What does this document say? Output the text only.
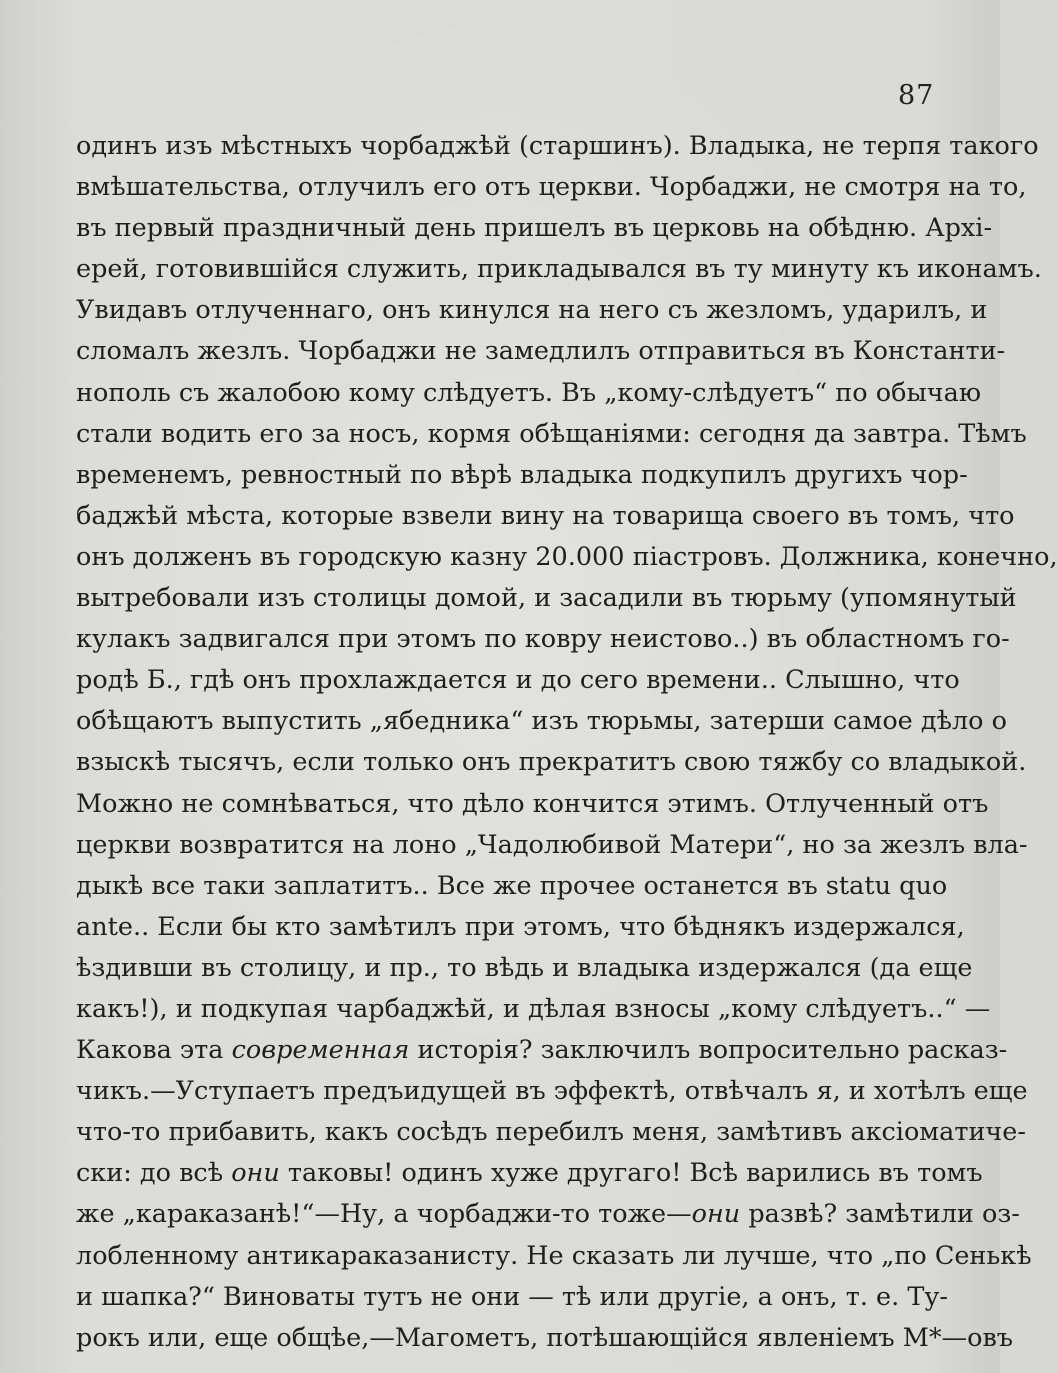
87
одинъ изъ мѣстныхъ чорбаджѣй (старшинъ). Владыка, не терпя такого
вмѣшательства, отлучилъ его отъ церкви. Чорбаджи, не смотря на то,
въ первый праздничный день пришелъ въ церковь на обѣдню. Архі-
ерей, готовившійся служить, прикладывался въ ту минуту къ иконамъ.
Увидавъ отлученнаго, онъ кинулся на него съ жезломъ, ударилъ, и
сломалъ жезлъ. Чорбаджи не замедлилъ отправиться въ Константи-
нополь съ жалобою кому слѣдуетъ. Въ „кому-слѣдуетъ“ по обычаю
стали водить его за носъ, кормя обѣщаніями: сегодня да завтра. Тѣмъ
временемъ, ревностный по вѣрѣ владыка подкупилъ другихъ чор-
баджѣй мѣста, которые взвели вину на товарища своего въ томъ, что
онъ долженъ въ городскую казну 20.000 піастровъ. Должника, конечно,
вытребовали изъ столицы домой, и засадили въ тюрьму (упомянутый
кулакъ задвигался при этомъ по ковру неистово..) въ областномъ го-
родѣ Б., гдѣ онъ прохлаждается и до сего времени.. Слышно, что
обѣщаютъ выпустить „ябедника“ изъ тюрьмы, затерши самое дѣло о
взыскѣ тысячъ, если только онъ прекратитъ свою тяжбу со владыкой.
Можно не сомнѣваться, что дѣло кончится этимъ. Отлученный отъ
церкви возвратится на лоно „Чадолюбивой Матери“, но за жезлъ вла-
дыкѣ все таки заплатитъ.. Все же прочее останется въ statu quo
ante.. Если бы кто замѣтилъ при этомъ, что бѣднякъ издержался,
ѣздивши въ столицу, и пр., то вѣдь и владыка издержался (да еще
какъ!), и подкупая чарбаджѣй, и дѣлая взносы „кому слѣдуетъ..“ —
Какова эта современная исторія? заключилъ вопросительно расказ-
чикъ.—Уступаетъ предъидущей въ эффектѣ, отвѣчалъ я, и хотѣлъ еще
что-то прибавить, какъ сосѣдъ перебилъ меня, замѣтивъ аксіоматиче-
ски: до всѣ они таковы! одинъ хуже другаго! Всѣ варились въ томъ
же „караказанѣ!“—Ну, а чорбаджи-то тоже—они развѣ? замѣтили оз-
лобленному антикараказанисту. Не сказать ли лучше, что „по Сенькѣ
и шапка?“ Виноваты тутъ не они — тѣ или другіе, а онъ, т. е. Ту-
рокъ или, еще общѣе,—Магометъ, потѣшающійся явленіемъ М*—овъ
